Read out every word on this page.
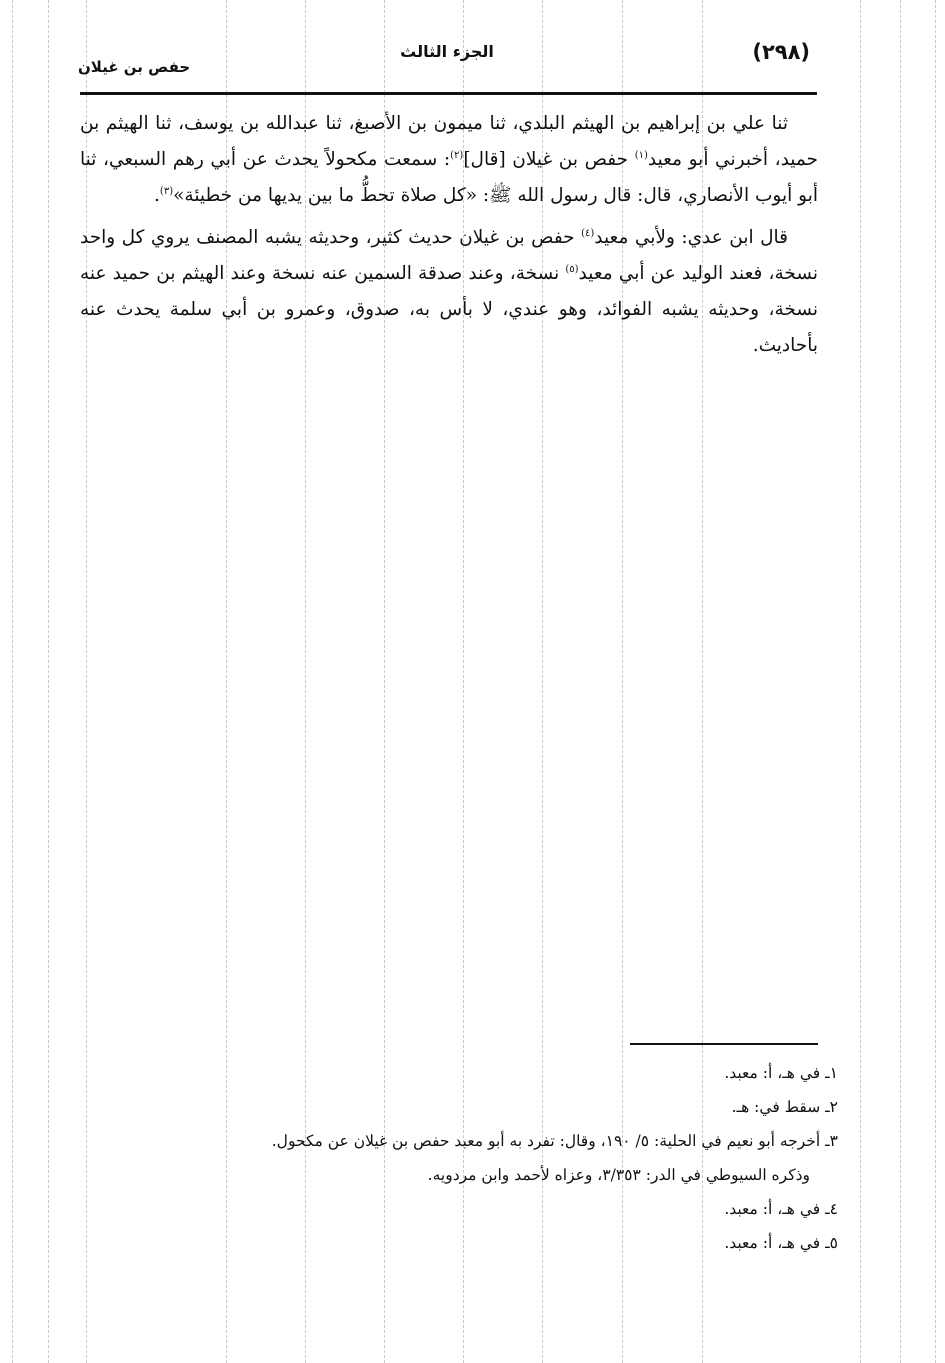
(٢٩٨)
الجزء الثالث
حفص بن غيلان

ثنا علي بن إبراهيم بن الهيثم البلدي، ثنا ميمون بن الأصبغ، ثنا عبدالله بن يوسف، ثنا الهيثم بن حميد، أخبرني أبو معيد$^{(١)}$ حفص بن غيلان [قال]$^{(٢)}$: سمعت مكحولاً يحدث عن أبي رهم السبعي، ثنا أبو أيوب الأنصاري، قال: قال رسول الله ﷺ: «كل صلاة تحطُّ ما بين يديها من خطيئة»$^{(٣)}$.

قال ابن عدي: ولأبي معيد$^{(٤)}$ حفص بن غيلان حديث كثير، وحديثه يشبه المصنف يروي كل واحد نسخة، فعند الوليد عن أبي معيد$^{(٥)}$ نسخة، وعند صدقة السمين عنه نسخة وعند الهيثم بن حميد عنه نسخة، وحديثه يشبه الفوائد، وهو عندي، لا بأس به، صدوق، وعمرو بن أبي سلمة يحدث عنه بأحاديث.

١ـ في هـ، أ: معبد.

٢ـ سقط في: هـ.

٣ـ أخرجه أبو نعيم في الحلية: ٥/ ١٩٠، وقال: تفرد به أبو معبد حفص بن غيلان عن مكحول.

وذكره السيوطي في الدر: ٣/٣٥٣، وعزاه لأحمد وابن مردويه.

٤ـ في هـ، أ: معبد.

٥ـ في هـ، أ: معبد.
